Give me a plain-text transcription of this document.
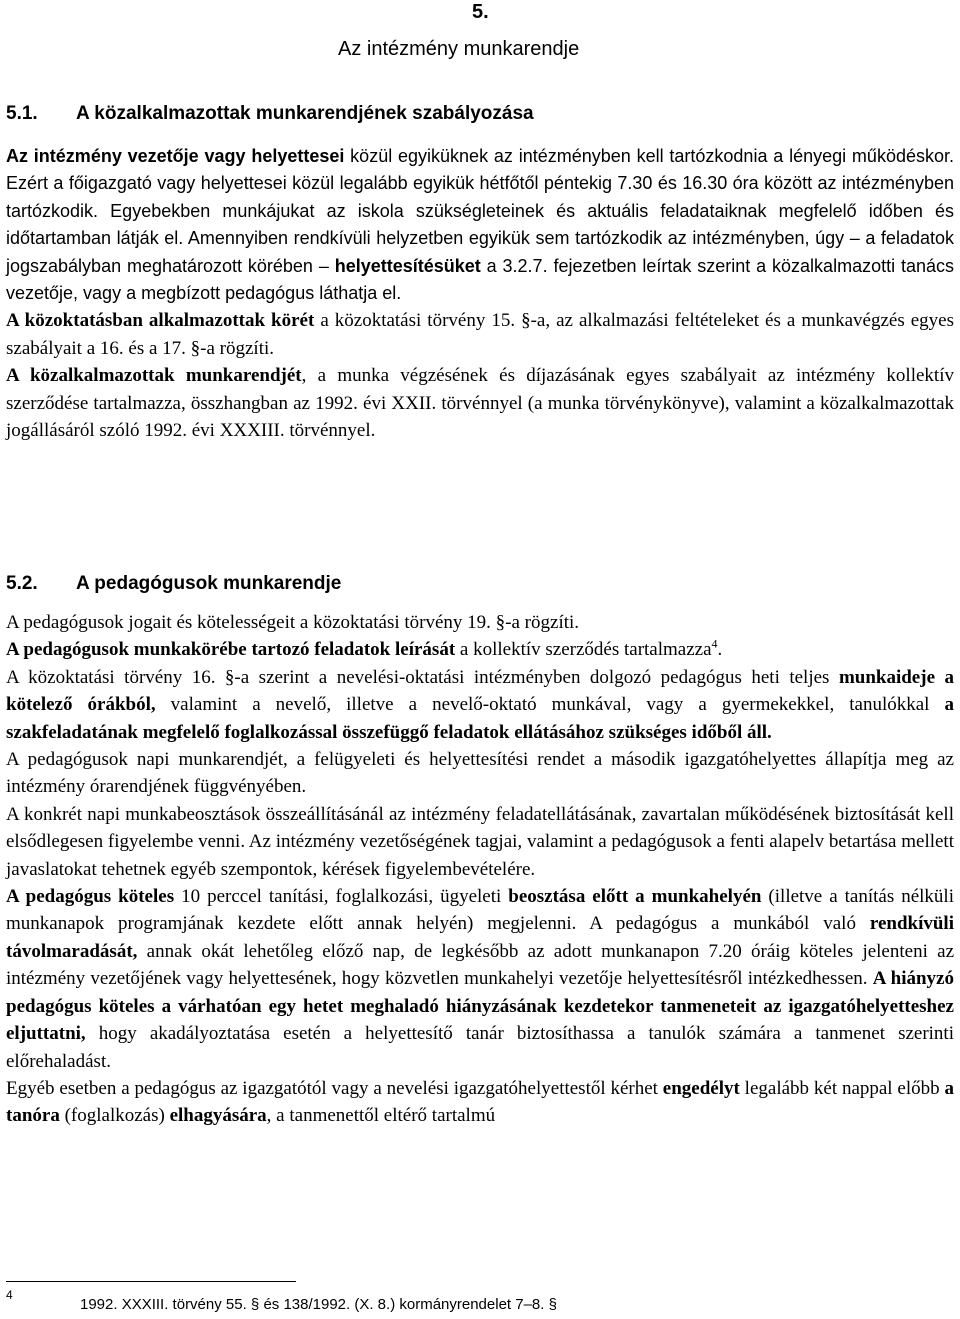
5.
Az intézmény munkarendje
5.1. A közalkalmazottak munkarendjének szabályozása
Az intézmény vezetője vagy helyettesei közül egyiküknek az intézményben kell tartózkodnia a lényegi működéskor. Ezért a főigazgató vagy helyettesei közül legalább egyikük hétfőtől péntekig 7.30 és 16.30 óra között az intézményben tartózkodik. Egyebekben munkájukat az iskola szükségleteinek és aktuális feladataiknak megfelelő időben és időtartamban látják el. Amennyiben rendkívüli helyzetben egyikük sem tartózkodik az intézményben, úgy – a feladatok jogszabályban meghatározott körében – helyettesítésüket a 3.2.7. fejezetben leírtak szerint a közalkalmazotti tanács vezetője, vagy a megbízott pedagógus láthatja el.
A közoktatásban alkalmazottak körét a közoktatási törvény 15. §-a, az alkalmazási feltételeket és a munkavégzés egyes szabályait a 16. és a 17. §-a rögzíti.
A közalkalmazottak munkarendjét, a munka végzésének és díjazásának egyes szabályait az intézmény kollektív szerződése tartalmazza, összhangban az 1992. évi XXII. törvénnyel (a munka törvénykönyve), valamint a közalkalmazottak jogállásáról szóló 1992. évi XXXIII. törvénnyel.
5.2. A pedagógusok munkarendje
A pedagógusok jogait és kötelességeit a közoktatási törvény 19. §-a rögzíti.
A pedagógusok munkakörébe tartozó feladatok leírását a kollektív szerződés tartalmazza$^4$.
A közoktatási törvény 16. §-a szerint a nevelési-oktatási intézményben dolgozó pedagógus heti teljes munkaideje a kötelező órákból, valamint a nevelő, illetve a nevelő-oktató munkával, vagy a gyermekekkel, tanulókkal a szakfeladatának megfelelő foglalkozással összefüggő feladatok ellátásához szükséges időből áll.
A pedagógusok napi munkarendjét, a felügyeleti és helyettesítési rendet a második igazgatóhelyettes állapítja meg az intézmény órarendjének függvényében.
A konkrét napi munkabeosztások összeállításánál az intézmény feladatellátásának, zavartalan működésének biztosítását kell elsődlegesen figyelembe venni. Az intézmény vezetőségének tagjai, valamint a pedagógusok a fenti alapelv betartása mellett javaslatokat tehetnek egyéb szempontok, kérések figyelembevételére.
A pedagógus köteles 10 perccel tanítási, foglalkozási, ügyeleti beosztása előtt a munkahelyén (illetve a tanítás nélküli munkanapok programjának kezdete előtt annak helyén) megjelenni. A pedagógus a munkából való rendkívüli távolmaradását, annak okát lehetőleg előző nap, de legkésőbb az adott munkanapon 7.20 óráig köteles jelenteni az intézmény vezetőjének vagy helyettesének, hogy közvetlen munkahelyi vezetője helyettesítésről intézkedhessen. A hiányzó pedagógus köteles a várhatóan egy hetet meghaladó hiányzásának kezdetekor tanmeneteit az igazgatóhelyetteshez eljuttatni, hogy akadályoztatása esetén a helyettesítő tanár biztosíthassa a tanulók számára a tanmenet szerinti előrehaladást.
Egyéb esetben a pedagógus az igazgatótól vagy a nevelési igazgatóhelyettestől kérhet engedélyt legalább két nappal előbb a tanóra (foglalkozás) elhagyására, a tanmenettől eltérő tartalmú
4
1992. XXXIII. törvény 55. § és 138/1992. (X. 8.) kormányrendelet 7–8. §
